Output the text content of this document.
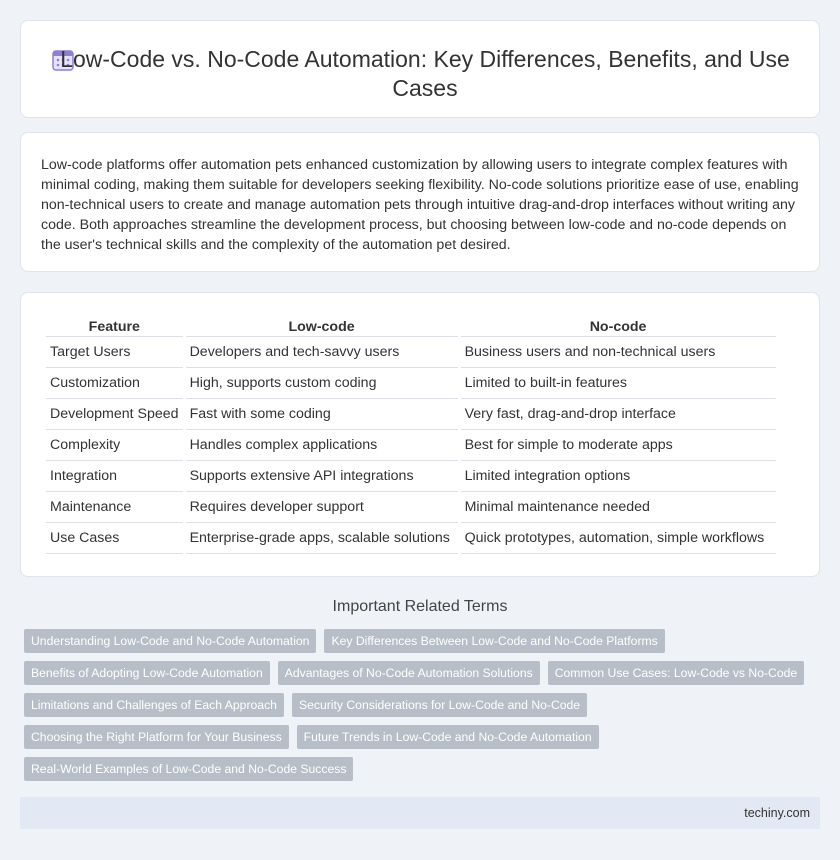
Low-Code vs. No-Code Automation: Key Differences, Benefits, and Use Cases

Low-code platforms offer automation pets enhanced customization by allowing users to integrate complex features with minimal coding, making them suitable for developers seeking flexibility. No-code solutions prioritize ease of use, enabling non-technical users to create and manage automation pets through intuitive drag-and-drop interfaces without writing any code. Both approaches streamline the development process, but choosing between low-code and no-code depends on the user's technical skills and the complexity of the automation pet desired.

Feature	Low-code	No-code
Target Users	Developers and tech-savvy users	Business users and non-technical users
Customization	High, supports custom coding	Limited to built-in features
Development Speed	Fast with some coding	Very fast, drag-and-drop interface
Complexity	Handles complex applications	Best for simple to moderate apps
Integration	Supports extensive API integrations	Limited integration options
Maintenance	Requires developer support	Minimal maintenance needed
Use Cases	Enterprise-grade apps, scalable solutions	Quick prototypes, automation, simple workflows
Important Related Terms
Understanding Low-Code and No-Code Automation	Key Differences Between Low-Code and No-Code Platforms
Benefits of Adopting Low-Code Automation	Advantages of No-Code Automation Solutions	Common Use Cases: Low-Code vs No-Code
Limitations and Challenges of Each Approach	Security Considerations for Low-Code and No-Code
Choosing the Right Platform for Your Business	Future Trends in Low-Code and No-Code Automation
Real-World Examples of Low-Code and No-Code Success
techiny.com
